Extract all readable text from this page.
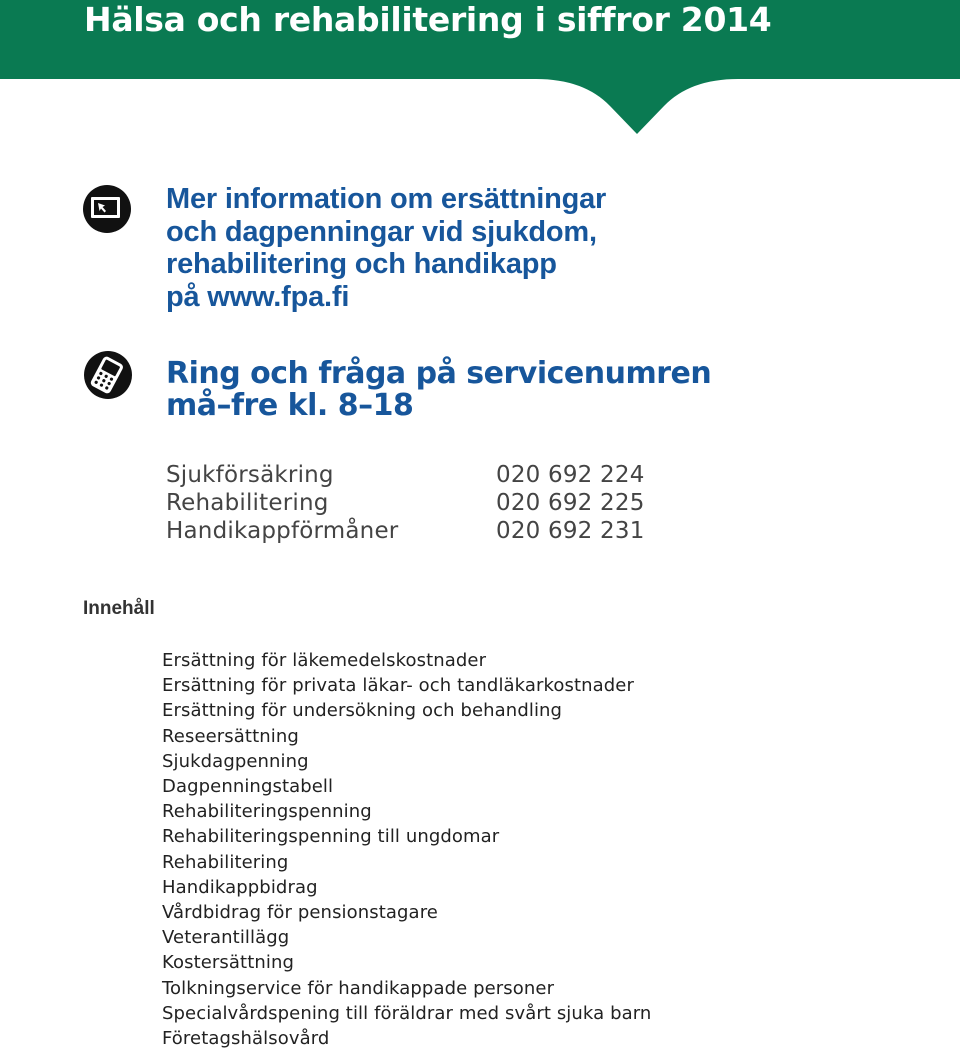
Hälsa och rehabilitering i siffror 2014
Mer information om ersättningar
och dagpenningar vid sjukdom,
rehabilitering och handikapp
på www.fpa.fi
Ring och fråga på servicenumren
må–fre kl. 8–18
Sjukförsäkring	020 692 224
Rehabilitering	020 692 225
Handikappförmåner	020 692 231
Innehåll
Ersättning för läkemedelskostnader
Ersättning för privata läkar- och tandläkarkostnader
Ersättning för undersökning och behandling
Reseersättning
Sjukdagpenning
Dagpenningstabell
Rehabiliteringspenning
Rehabiliteringspenning till ungdomar
Rehabilitering
Handikappbidrag
Vårdbidrag för pensionstagare
Veterantillägg
Kostersättning
Tolkningservice för handikappade personer
Specialvårdspening till föräldrar med svårt sjuka barn
Företagshälsovård
